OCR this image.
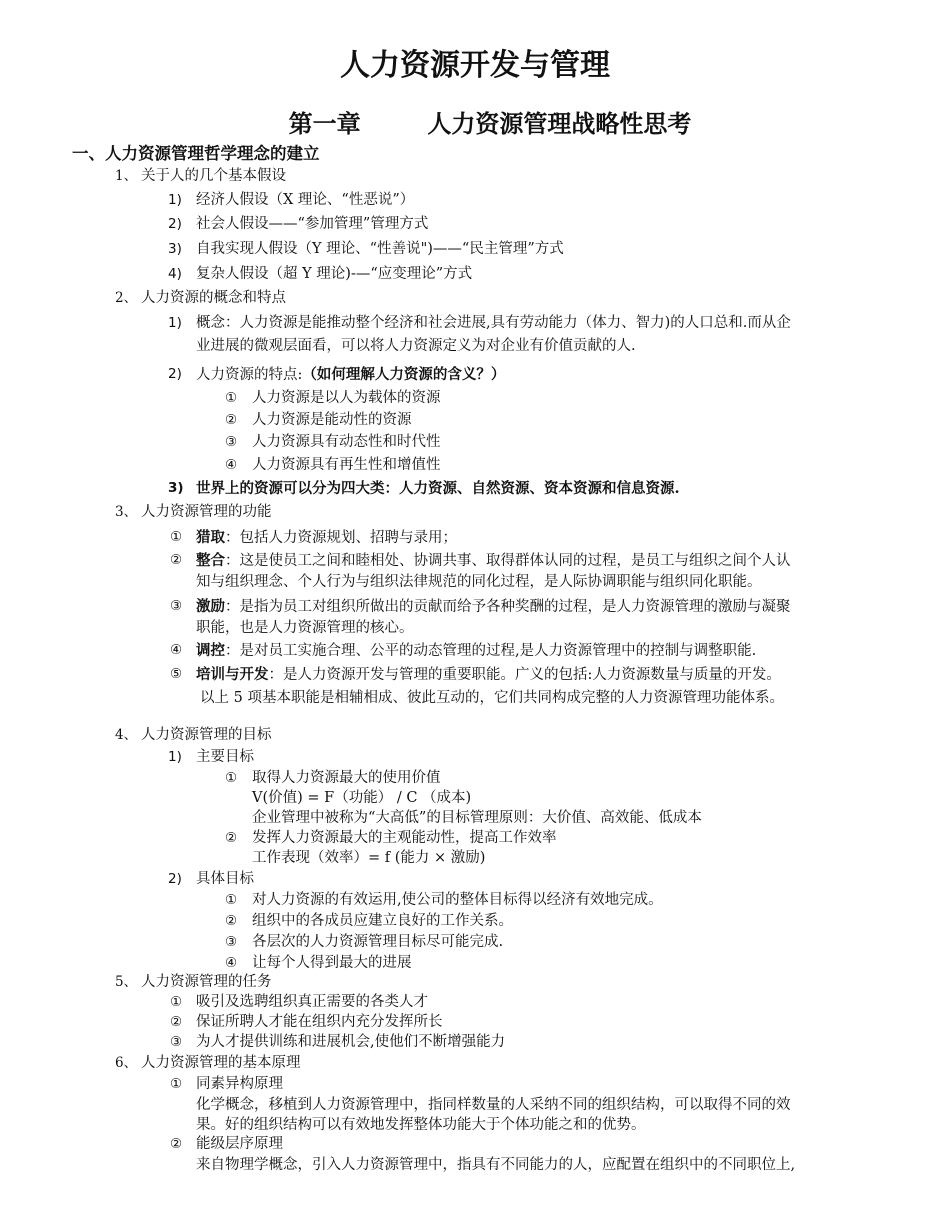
人力资源开发与管理
第一章        人力资源管理战略性思考
一、人力资源管理哲学理念的建立
1、 关于人的几个基本假设
1) 经济人假设（X 理论、“性恶说”）
2) 社会人假设——“参加管理”管理方式
3) 自我实现人假设（Y 理论、“性善说")——“民主管理”方式
4) 复杂人假设（超 Y 理论)-—“应变理论”方式
2、 人力资源的概念和特点
1) 概念：人力资源是能推动整个经济和社会进展,具有劳动能力（体力、智力)的人口总和.而从企
业进展的微观层面看，可以将人力资源定义为对企业有价值贡献的人.
2) 人力资源的特点:（如何理解人力资源的含义？）
① 人力资源是以人为载体的资源
② 人力资源是能动性的资源
③ 人力资源具有动态性和时代性
④ 人力资源具有再生性和增值性
3) 世界上的资源可以分为四大类：人力资源、自然资源、资本资源和信息资源.
3、 人力资源管理的功能
① 猎取：包括人力资源规划、招聘与录用；
② 整合：这是使员工之间和睦相处、协调共事、取得群体认同的过程，是员工与组织之间个人认
知与组织理念、个人行为与组织法律规范的同化过程，是人际协调职能与组织同化职能。
③ 激励：是指为员工对组织所做出的贡献而给予各种奖酬的过程，是人力资源管理的激励与凝聚
职能，也是人力资源管理的核心。
④ 调控：是对员工实施合理、公平的动态管理的过程,是人力资源管理中的控制与调整职能.
⑤ 培训与开发：是人力资源开发与管理的重要职能。广义的包括:人力资源数量与质量的开发。
以上 5 项基本职能是相辅相成、彼此互动的，它们共同构成完整的人力资源管理功能体系。
4、 人力资源管理的目标
1) 主要目标
① 取得人力资源最大的使用价值
V(价值) = F（功能） / C （成本)
企业管理中被称为“大高低”的目标管理原则：大价值、高效能、低成本
② 发挥人力资源最大的主观能动性，提高工作效率
工作表现（效率）= f (能力 × 激励)
2) 具体目标
① 对人力资源的有效运用,使公司的整体目标得以经济有效地完成。
② 组织中的各成员应建立良好的工作关系。
③ 各层次的人力资源管理目标尽可能完成.
④ 让每个人得到最大的进展
5、 人力资源管理的任务
① 吸引及选聘组织真正需要的各类人才
② 保证所聘人才能在组织内充分发挥所长
③ 为人才提供训练和进展机会,使他们不断增强能力
6、 人力资源管理的基本原理
① 同素异构原理
化学概念，移植到人力资源管理中，指同样数量的人采纳不同的组织结构，可以取得不同的效
果。好的组织结构可以有效地发挥整体功能大于个体功能之和的优势。
② 能级层序原理
来自物理学概念，引入人力资源管理中，指具有不同能力的人，应配置在组织中的不同职位上,
